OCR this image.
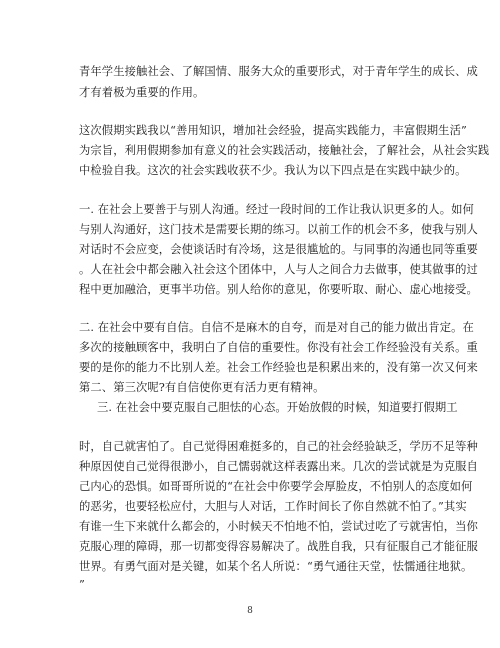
青年学生接触社会、了解国情、服务大众的重要形式，对于青年学生的成长、成
才有着极为重要的作用。
这次假期实践我以“善用知识，增加社会经验，提高实践能力，丰富假期生活”
为宗旨，利用假期参加有意义的社会实践活动，接触社会，了解社会，从社会实践
中检验自我。这次的社会实践收获不少。我认为以下四点是在实践中缺少的。
一. 在社会上要善于与别人沟通。经过一段时间的工作让我认识更多的人。如何
与别人沟通好，这门技术是需要长期的练习。以前工作的机会不多，使我与别人
对话时不会应变，会使谈话时有冷场，这是很尴尬的。与同事的沟通也同等重要
。人在社会中都会融入社会这个团体中，人与人之间合力去做事，使其做事的过
程中更加融洽，更事半功倍。别人给你的意见，你要听取、耐心、虚心地接受。
二. 在社会中要有自信。自信不是麻木的自夸，而是对自己的能力做出肯定。在
多次的接触顾客中，我明白了自信的重要性。你没有社会工作经验没有关系。重
要的是你的能力不比别人差。社会工作经验也是积累出来的，没有第一次又何来
第二、第三次呢?有自信使你更有活力更有精神。
三. 在社会中要克服自己胆怯的心态。开始放假的时候，知道要打假期工
时，自己就害怕了。自己觉得困难挺多的，自己的社会经验缺乏，学历不足等种
种原因使自己觉得很渺小，自己懦弱就这样表露出来。几次的尝试就是为克服自
己内心的恐惧。如哥哥所说的“在社会中你要学会厚脸皮，不怕别人的态度如何
的恶劣，也要轻松应付，大胆与人对话，工作时间长了你自然就不怕了。”其实
有谁一生下来就什么都会的，小时候天不怕地不怕，尝试过吃了亏就害怕，当你
克服心理的障碍，那一切都变得容易解决了。战胜自我，只有征服自己才能征服
世界。有勇气面对是关键，如某个名人所说：“勇气通往天堂，怯懦通往地狱。
”
8
